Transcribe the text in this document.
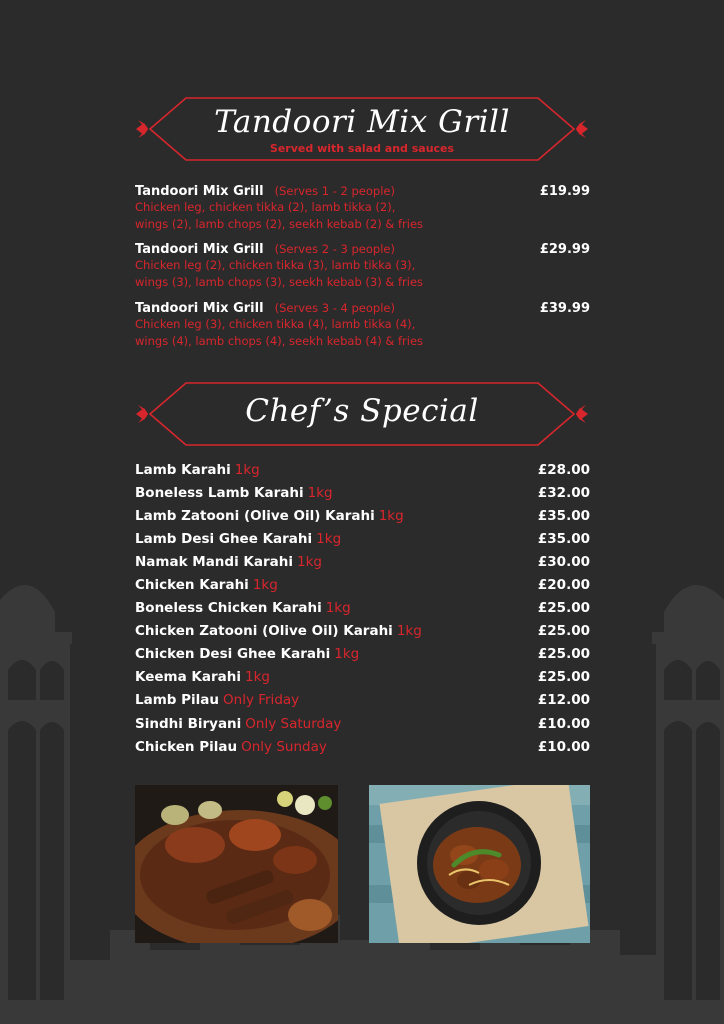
Tandoori Mix Grill
Served with salad and sauces
Tandoori Mix Grill (Serves 1 - 2 people)	£19.99
Chicken leg, chicken tikka (2), lamb tikka (2),
wings (2), lamb chops (2), seekh kebab (2) & fries
Tandoori Mix Grill (Serves 2 - 3 people)	£29.99
Chicken leg (2), chicken tikka (3), lamb tikka (3),
wings (3), lamb chops (3), seekh kebab (3) & fries
Tandoori Mix Grill (Serves 3 - 4 people)	£39.99
Chicken leg (3), chicken tikka (4), lamb tikka (4),
wings (4), lamb chops (4), seekh kebab (4) & fries
Chef’s Special
Lamb Karahi 1kg	£28.00
Boneless Lamb Karahi 1kg	£32.00
Lamb Zatooni (Olive Oil) Karahi 1kg	£35.00
Lamb Desi Ghee Karahi 1kg	£35.00
Namak Mandi Karahi 1kg	£30.00
Chicken Karahi 1kg	£20.00
Boneless Chicken Karahi 1kg	£25.00
Chicken Zatooni (Olive Oil) Karahi 1kg	£25.00
Chicken Desi Ghee Karahi 1kg	£25.00
Keema Karahi 1kg	£25.00
Lamb Pilau Only Friday	£12.00
Sindhi Biryani Only Saturday	£10.00
Chicken Pilau Only Sunday	£10.00
